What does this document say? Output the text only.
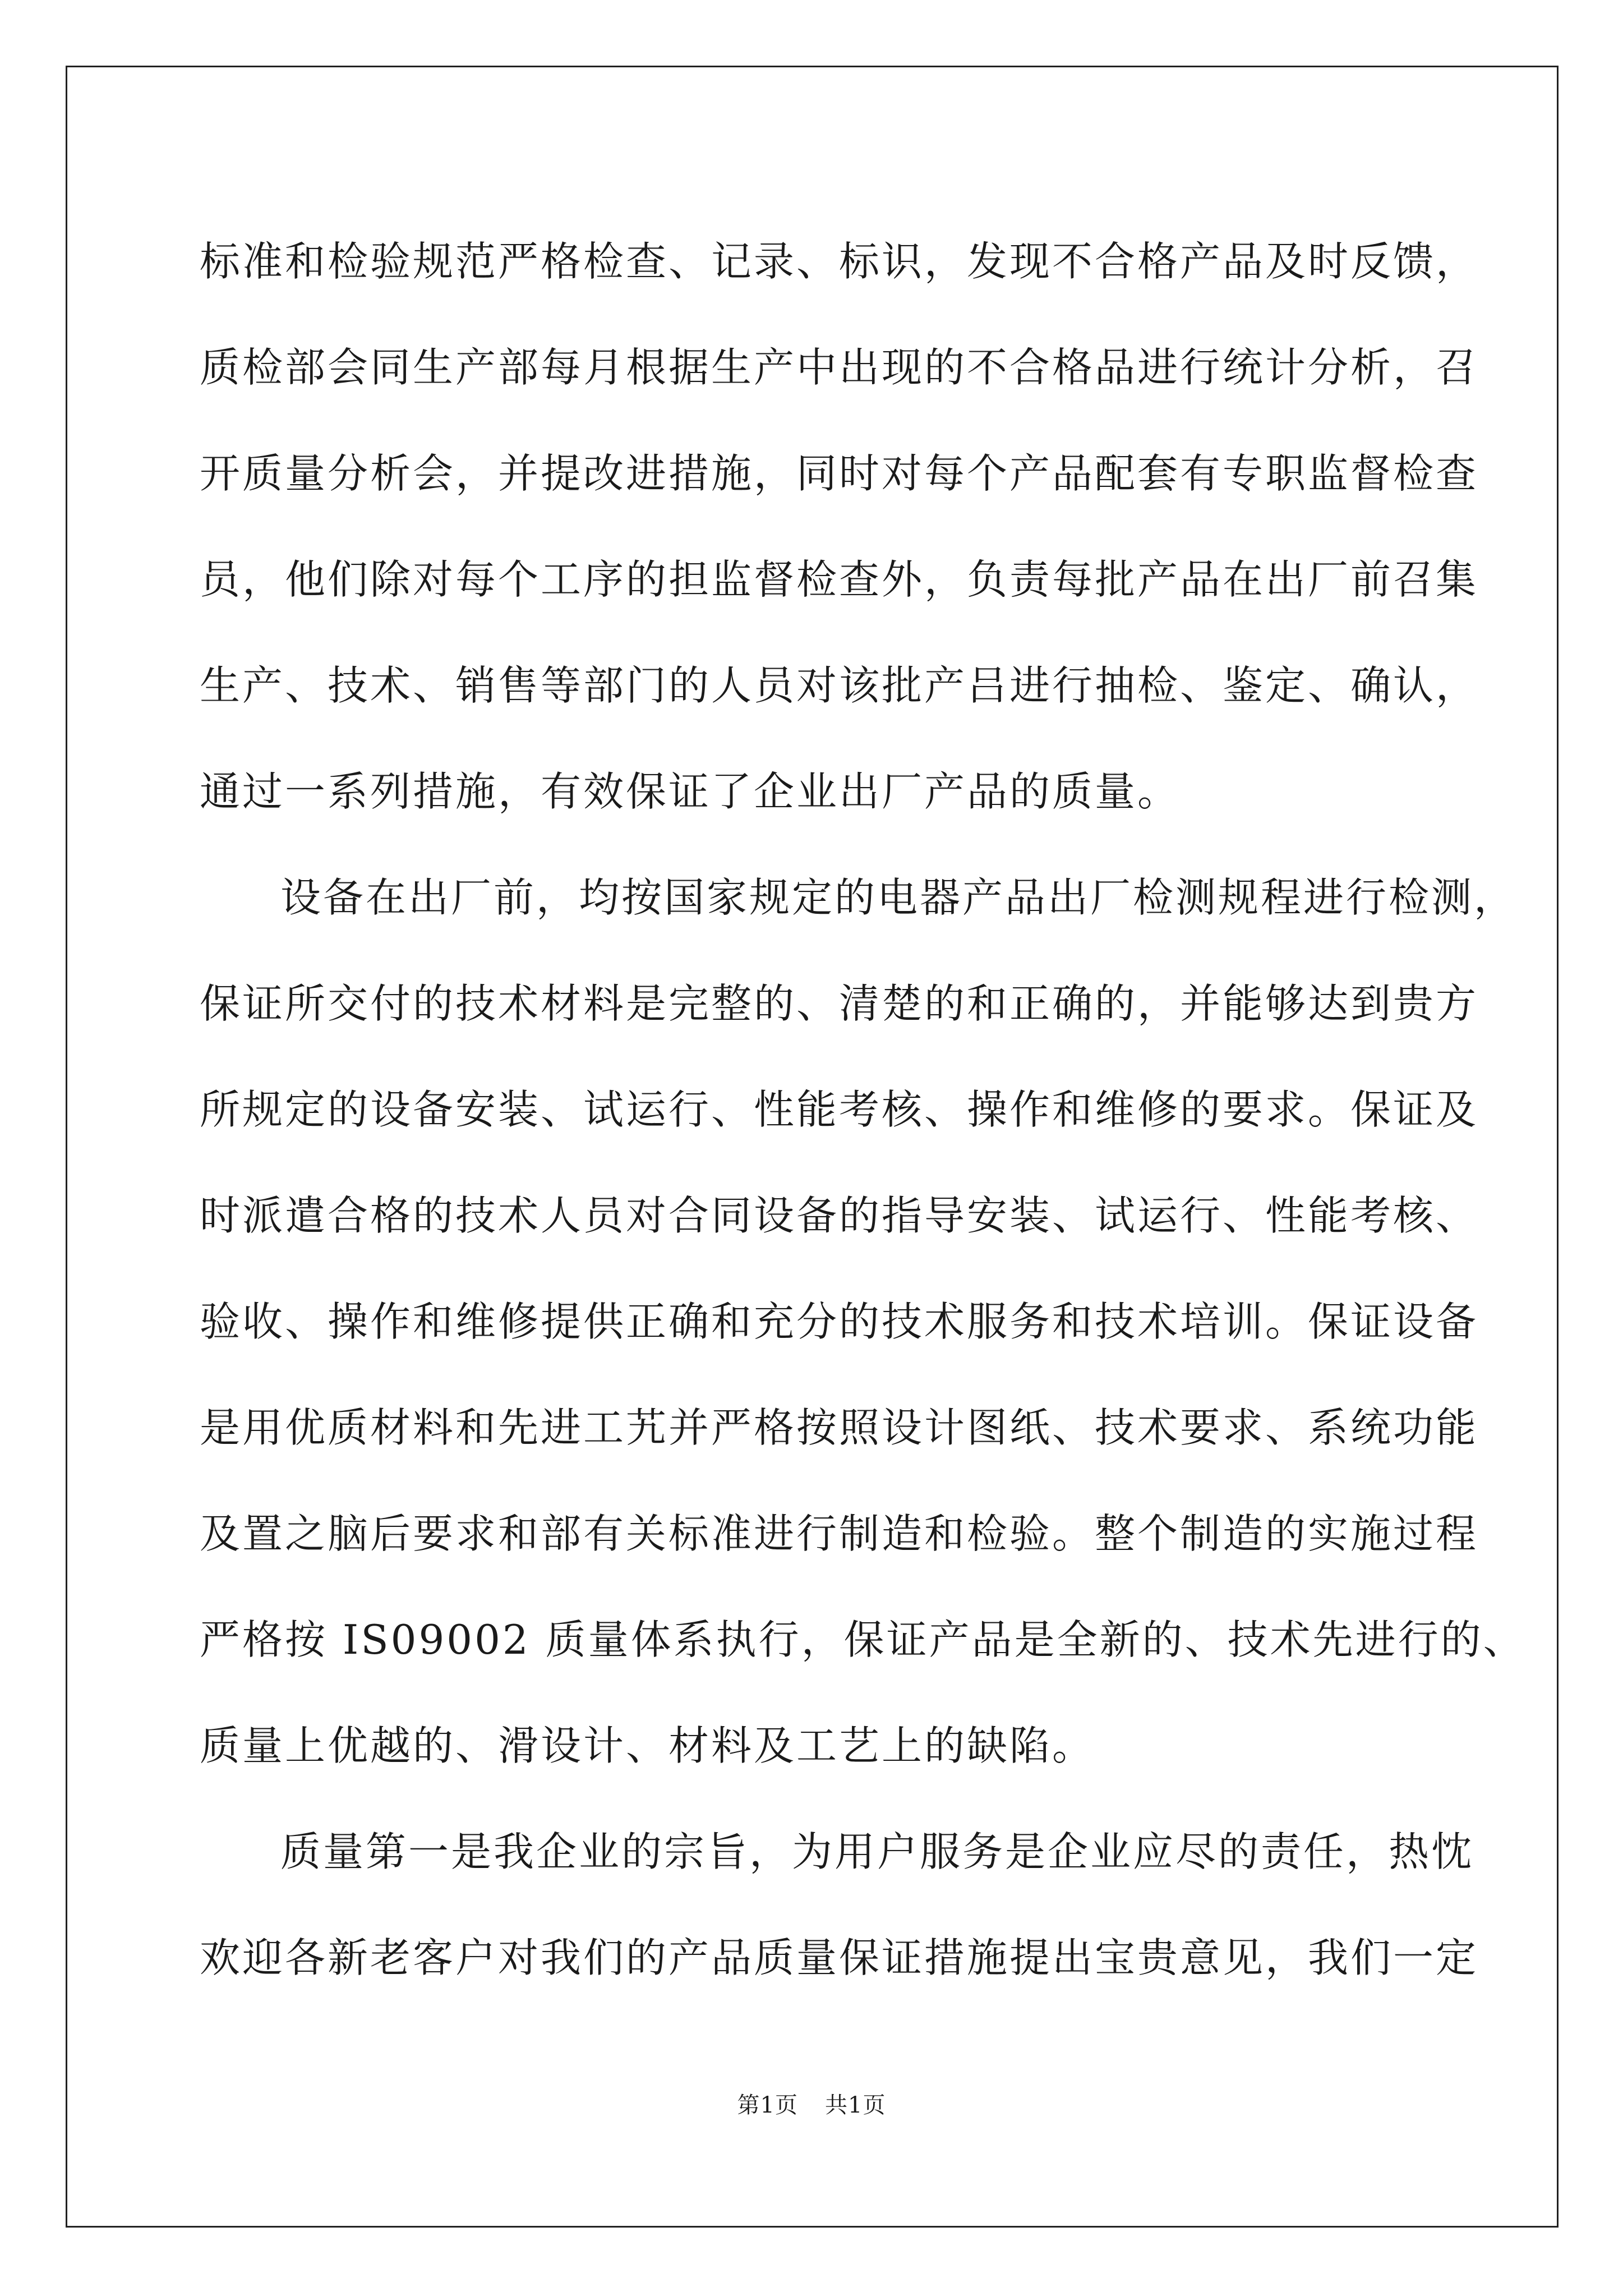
标准和检验规范严格检查、记录、标识，发现不合格产品及时反馈，
质检部会同生产部每月根据生产中出现的不合格品进行统计分析，召
开质量分析会，并提改进措施，同时对每个产品配套有专职监督检查
员，他们除对每个工序的担监督检查外，负责每批产品在出厂前召集
生产、技术、销售等部门的人员对该批产吕进行抽检、鉴定、确认，
通过一系列措施，有效保证了企业出厂产品的质量。
设备在出厂前，均按国家规定的电器产品出厂检测规程进行检测，
保证所交付的技术材料是完整的、清楚的和正确的，并能够达到贵方
所规定的设备安装、试运行、性能考核、操作和维修的要求。保证及
时派遣合格的技术人员对合同设备的指导安装、试运行、性能考核、
验收、操作和维修提供正确和充分的技术服务和技术培训。保证设备
是用优质材料和先进工艽并严格按照设计图纸、技术要求、系统功能
及置之脑后要求和部有关标准进行制造和检验。整个制造的实施过程
严格按 IS09002 质量体系执行，保证产品是全新的、技术先进行的、
质量上优越的、滑设计、材料及工艺上的缺陷。
质量第一是我企业的宗旨，为用户服务是企业应尽的责任，热忱
欢迎各新老客户对我们的产品质量保证措施提出宝贵意见，我们一定
第1页 共1页
